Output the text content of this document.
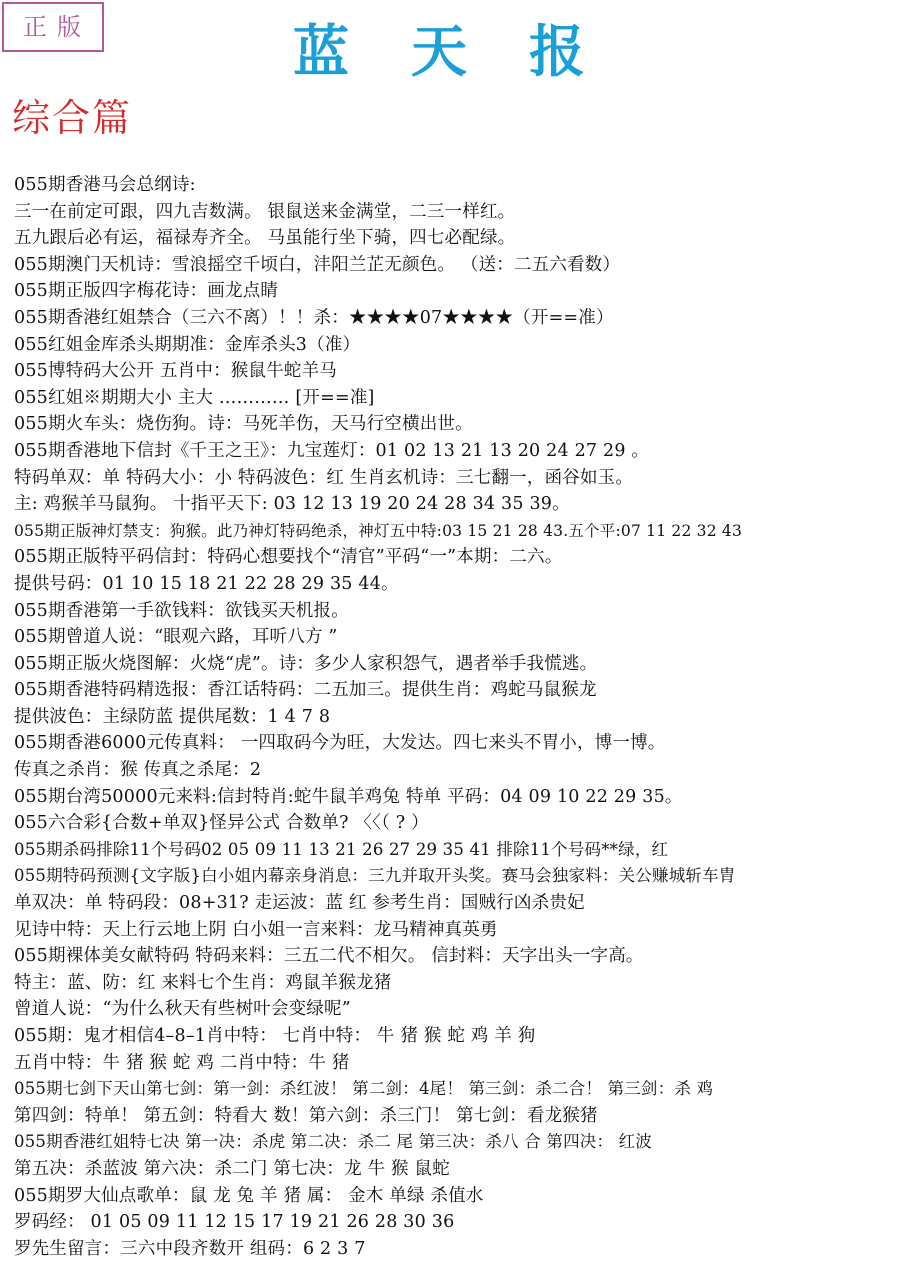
正版	蓝天报
综合篇
055期香港马会总纲诗:
三一在前定可跟，四九吉数满。 银鼠送来金满堂，二三一样红。
五九跟后必有运，福禄寿齐全。 马虽能行坐下骑，四七必配绿。
055期澳门天机诗：雪浪摇空千顷白，沣阳兰芷无颜色。 （送：二五六看数）
055期正版四字梅花诗：画龙点睛
055期香港红姐禁合（三六不离）！！杀：★★★★07★★★★（开==准）
055红姐金库杀头期期准：金库杀头3（准）
055博特码大公开 五肖中：猴鼠牛蛇羊马
055红姐※期期大小 主大 ………… [开==准]
055期火车头：烧伤狗。诗：马死羊伤，天马行空横出世。
055期香港地下信封《千王之王》：九宝莲灯：01 02 13 21 13 20 24 27 29 。
特码单双：单 特码大小：小 特码波色：红 生肖玄机诗：三七翻一，函谷如玉。
主: 鸡猴羊马鼠狗。 十指平天下: 03 12 13 19 20 24 28 34 35 39。
055期正版神灯禁支：狗猴。此乃神灯特码绝杀，神灯五中特:03 15 21 28 43.五个平:07 11 22 32 43
055期正版特平码信封：特码心想要找个“清官”平码“一”本期：二六。
提供号码：01 10 15 18 21 22 28 29 35 44。
055期香港第一手欲钱料：欲钱买天机报。
055期曾道人说：“眼观六路，耳听八方 ”
055期正版火烧图解：火烧“虎”。诗：多少人家积怨气，遇者举手我慌逃。
055期香港特码精选报：香江话特码：二五加三。提供生肖：鸡蛇马鼠猴龙
提供波色：主绿防蓝 提供尾数：1 4 7 8
055期香港6000元传真料： 一四取码今为旺，大发达。四七来头不胃小，博一博。
传真之杀肖：猴 传真之杀尾：2
055期台湾50000元来料:信封特肖:蛇牛鼠羊鸡兔 特单 平码：04 09 10 22 29 35。
055六合彩{合数+单双}怪异公式 合数单? 〈〈（ ? ）
055期杀码排除11个号码02 05 09 11 13 21 26 27 29 35 41 排除11个号码**绿，红
055期特码预测{文字版}白小姐内幕亲身消息：三九并取开头奖。赛马会独家料：关公赚城斩车胄
单双决：单 特码段：08+31? 走运波：蓝 红 参考生肖：国贼行凶杀贵妃
见诗中特：天上行云地上阴 白小姐一言来料：龙马精神真英勇
055期裸体美女献特码 特码来料：三五二代不相欠。 信封料：天字出头一字高。
特主：蓝、防：红 来料七个生肖：鸡鼠羊猴龙猪
曾道人说：“为什么秋天有些树叶会变绿呢”
055期：鬼才相信4–8–1肖中特： 七肖中特： 牛 猪 猴 蛇 鸡 羊 狗
五肖中特：牛 猪 猴 蛇 鸡 二肖中特：牛 猪
055期七剑下天山第七剑：第一剑：杀红波！ 第二剑：4尾！ 第三剑：杀二合！ 第三剑：杀 鸡
第四剑：特单！ 第五剑：特看大 数！第六剑：杀三门！ 第七剑：看龙猴猪
055期香港红姐特七决 第一决：杀虎 第二决：杀二 尾 第三决：杀八 合 第四决： 红波
第五决：杀蓝波 第六决：杀二门 第七决：龙 牛 猴 鼠蛇
055期罗大仙点歌单：鼠 龙 兔 羊 猪 属： 金木 单绿 杀值水
罗码经： 01 05 09 11 12 15 17 19 21 26 28 30 36
罗先生留言：三六中段齐数开 组码：6 2 3 7
